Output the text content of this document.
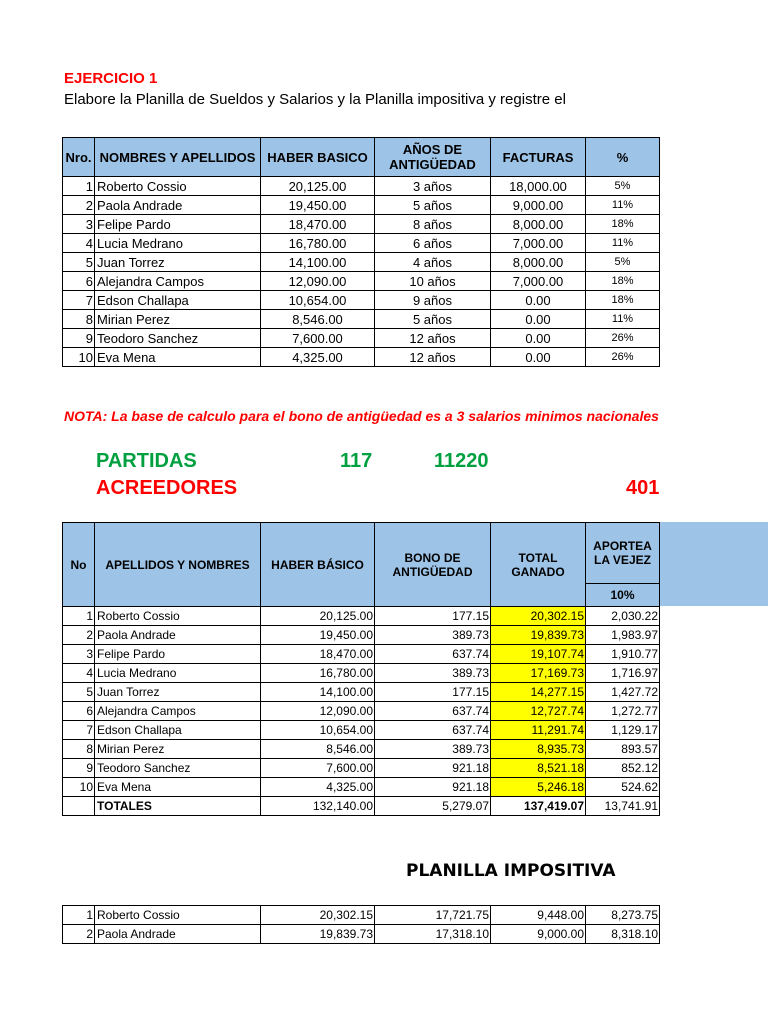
EJERCICIO 1
Elabore la Planilla de Sueldos y Salarios y la Planilla impositiva y registre el
Nro.	NOMBRES Y APELLIDOS	HABER BASICO	AÑOS DE ANTIGÜEDAD	FACTURAS	%
1	Roberto Cossio	20,125.00	3 años	18,000.00	5%
2	Paola Andrade	19,450.00	5 años	9,000.00	11%
3	Felipe Pardo	18,470.00	8 años	8,000.00	18%
4	Lucia Medrano	16,780.00	6 años	7,000.00	11%
5	Juan Torrez	14,100.00	4 años	8,000.00	5%
6	Alejandra Campos	12,090.00	10 años	7,000.00	18%
7	Edson Challapa	10,654.00	9 años	0.00	18%
8	Mirian Perez	8,546.00	5 años	0.00	11%
9	Teodoro Sanchez	7,600.00	12 años	0.00	26%
10	Eva Mena	4,325.00	12 años	0.00	26%
NOTA: La base de calculo para el bono de antigüedad es a 3 salarios minimos nacionales
PARTIDAS	117	11220
ACREEDORES	401
No	APELLIDOS Y NOMBRES	HABER BÁSICO	BONO DE ANTIGÜEDAD	TOTAL GANADO	APORTEA LA VEJEZ
					10%
1	Roberto Cossio	20,125.00	177.15	20,302.15	2,030.22
2	Paola Andrade	19,450.00	389.73	19,839.73	1,983.97
3	Felipe Pardo	18,470.00	637.74	19,107.74	1,910.77
4	Lucia Medrano	16,780.00	389.73	17,169.73	1,716.97
5	Juan Torrez	14,100.00	177.15	14,277.15	1,427.72
6	Alejandra Campos	12,090.00	637.74	12,727.74	1,272.77
7	Edson Challapa	10,654.00	637.74	11,291.74	1,129.17
8	Mirian Perez	8,546.00	389.73	8,935.73	893.57
9	Teodoro Sanchez	7,600.00	921.18	8,521.18	852.12
10	Eva Mena	4,325.00	921.18	5,246.18	524.62
	TOTALES	132,140.00	5,279.07	137,419.07	13,741.91
PLANILLA IMPOSITIVA
1	Roberto Cossio	20,302.15	17,721.75	9,448.00	8,273.75
2	Paola Andrade	19,839.73	17,318.10	9,000.00	8,318.10
